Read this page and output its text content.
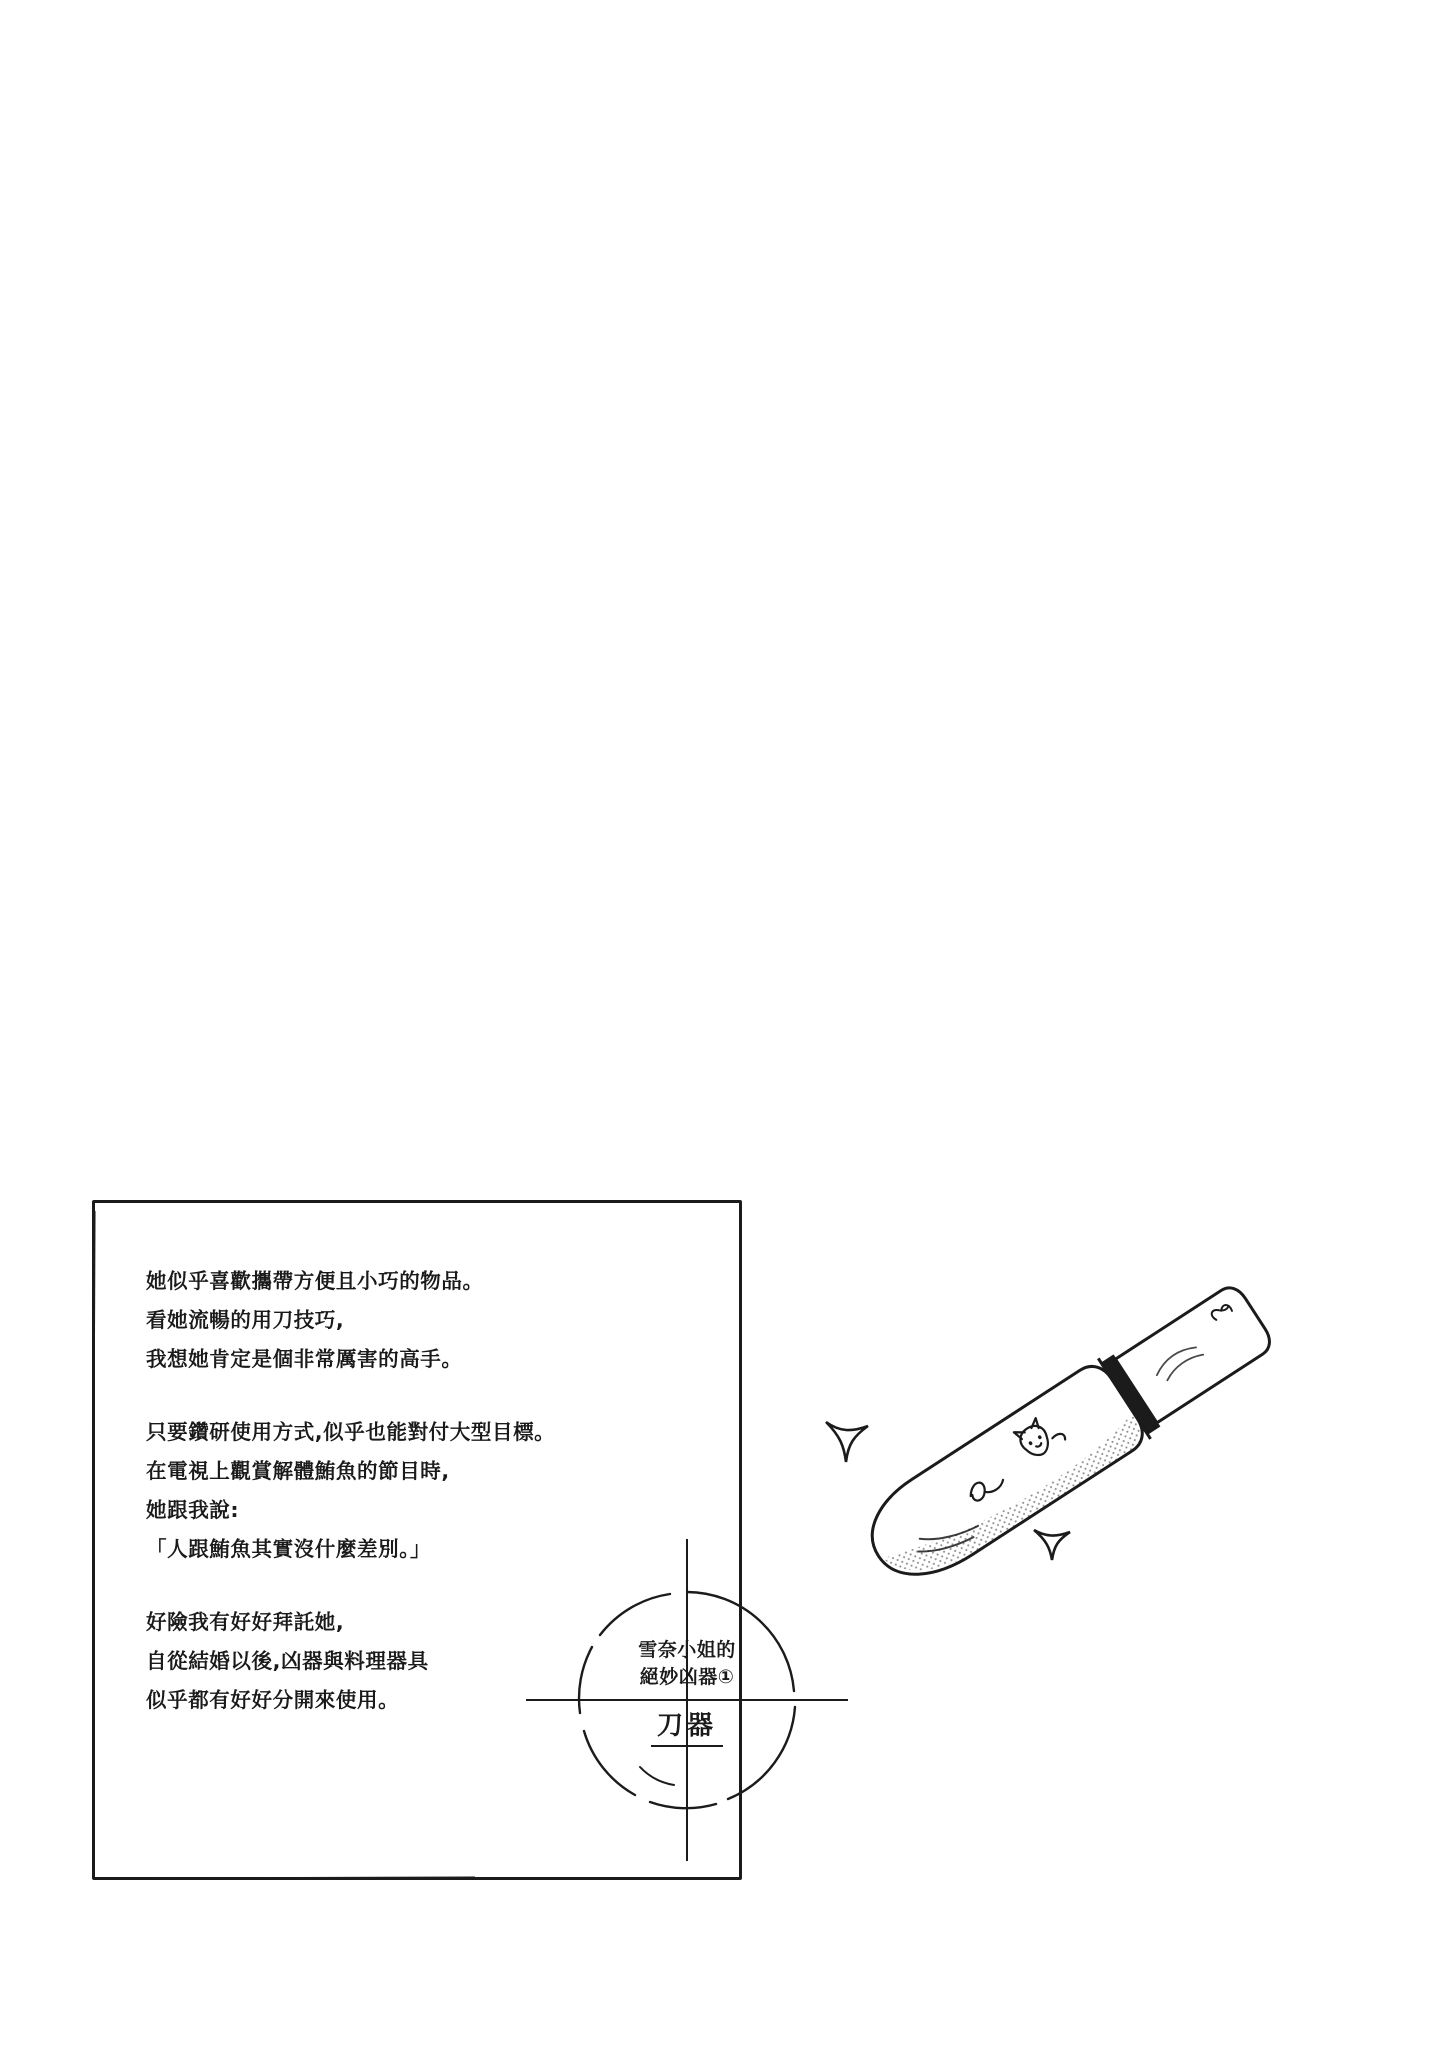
她似乎喜歡攜帶方便且小巧的物品。
看她流暢的用刀技巧,
我想她肯定是個非常厲害的高手。
只要鑽研使用方式,似乎也能對付大型目標。
在電視上觀賞解體鮪魚的節目時,
她跟我說:
「人跟鮪魚其實沒什麼差別。」
好險我有好好拜託她,
自從結婚以後,凶器與料理器具
似乎都有好好分開來使用。
雪奈小姐的
絕妙凶器①
刀器
